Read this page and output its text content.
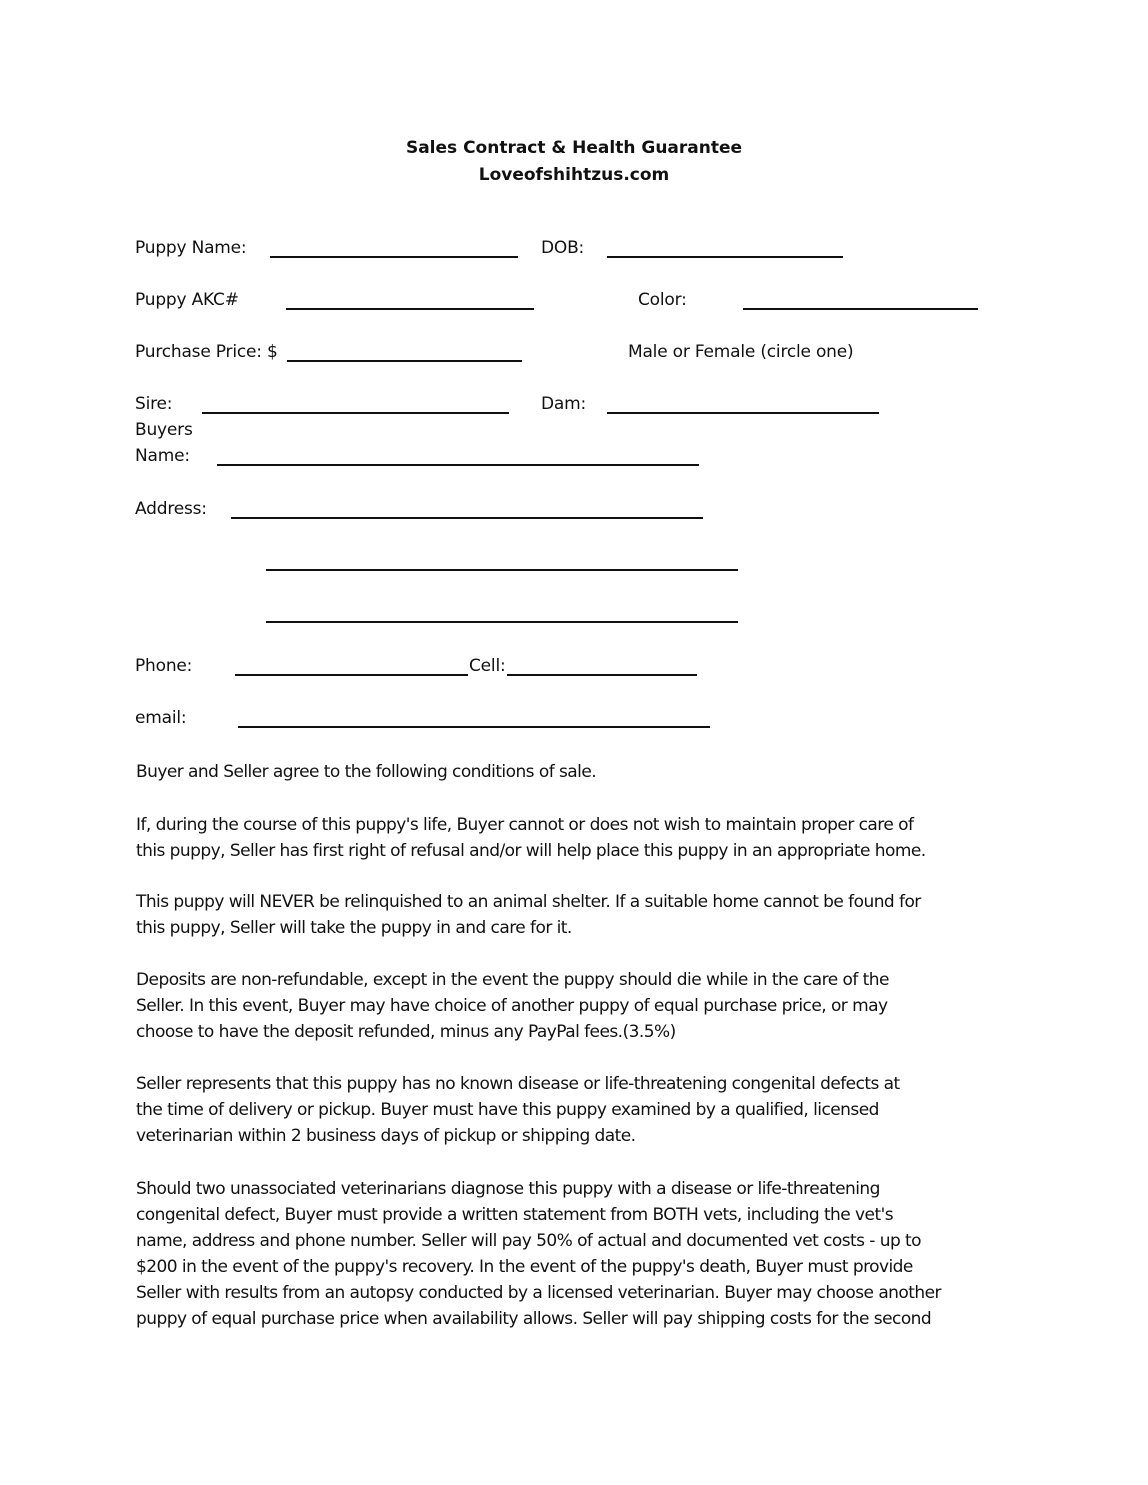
Sales Contract & Health Guarantee
Loveofshihtzus.com
Puppy Name:	DOB:
Puppy AKC#	Color:
Purchase Price: $	Male or Female (circle one)
Sire:	Dam:
Buyers
Name:
Address:
Phone:	Cell:
email:
Buyer and Seller agree to the following conditions of sale.
If, during the course of this puppy's life, Buyer cannot or does not wish to maintain proper care of
this puppy, Seller has first right of refusal and/or will help place this puppy in an appropriate home.
This puppy will NEVER be relinquished to an animal shelter. If a suitable home cannot be found for
this puppy, Seller will take the puppy in and care for it.
Deposits are non-refundable, except in the event the puppy should die while in the care of the
Seller. In this event, Buyer may have choice of another puppy of equal purchase price, or may
choose to have the deposit refunded, minus any PayPal fees.(3.5%)
Seller represents that this puppy has no known disease or life-threatening congenital defects at
the time of delivery or pickup. Buyer must have this puppy examined by a qualified, licensed
veterinarian within 2 business days of pickup or shipping date.
Should two unassociated veterinarians diagnose this puppy with a disease or life-threatening
congenital defect, Buyer must provide a written statement from BOTH vets, including the vet's
name, address and phone number. Seller will pay 50% of actual and documented vet costs - up to
$200 in the event of the puppy's recovery. In the event of the puppy's death, Buyer must provide
Seller with results from an autopsy conducted by a licensed veterinarian. Buyer may choose another
puppy of equal purchase price when availability allows. Seller will pay shipping costs for the second
